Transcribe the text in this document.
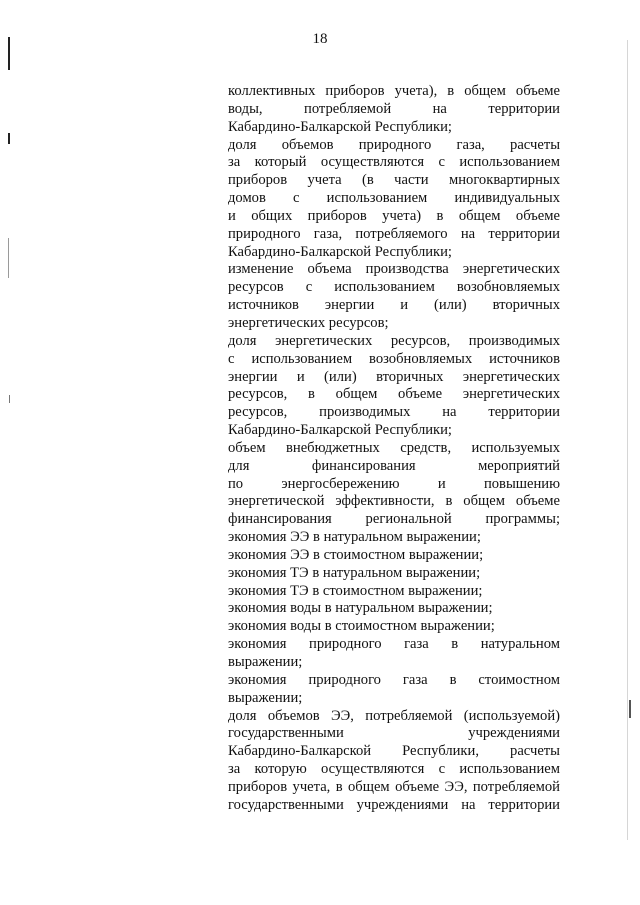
18
коллективных приборов учета), в общем объеме
воды, потребляемой на территории
Кабардино-Балкарской Республики;
доля объемов природного газа, расчеты
за который осуществляются с использованием
приборов учета (в части многоквартирных
домов с использованием индивидуальных
и общих приборов учета) в общем объеме
природного газа, потребляемого на территории
Кабардино-Балкарской Республики;
изменение объема производства энергетических
ресурсов с использованием возобновляемых
источников энергии и (или) вторичных
энергетических ресурсов;
доля энергетических ресурсов, производимых
с использованием возобновляемых источников
энергии и (или) вторичных энергетических
ресурсов, в общем объеме энергетических
ресурсов, производимых на территории
Кабардино-Балкарской Республики;
объем внебюджетных средств, используемых
для финансирования мероприятий
по энергосбережению и повышению
энергетической эффективности, в общем объеме
финансирования региональной программы;
экономия ЭЭ в натуральном выражении;
экономия ЭЭ в стоимостном выражении;
экономия ТЭ в натуральном выражении;
экономия ТЭ в стоимостном выражении;
экономия воды в натуральном выражении;
экономия воды в стоимостном выражении;
экономия природного газа в натуральном
выражении;
экономия природного газа в стоимостном
выражении;
доля объемов ЭЭ, потребляемой (используемой)
государственными учреждениями
Кабардино-Балкарской Республики, расчеты
за которую осуществляются с использованием
приборов учета, в общем объеме ЭЭ, потребляемой
государственными учреждениями на территории
